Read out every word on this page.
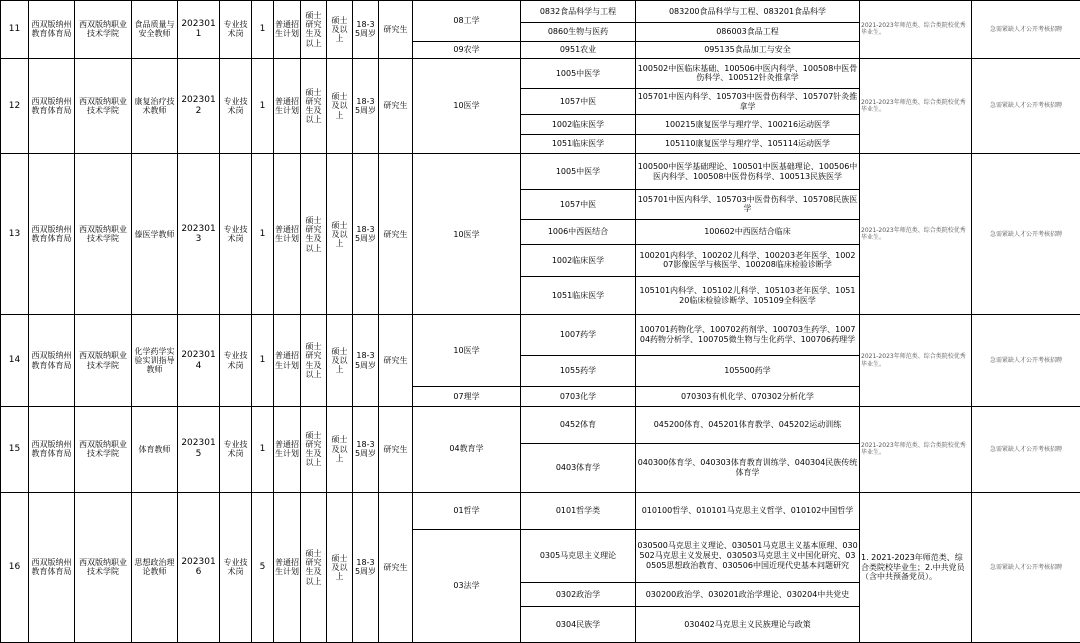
11	西双版纳州教育体育局	西双版纳职业技术学院	食品质量与安全教师	2023011	专业技术岗	1	普通招生计划	硕士研究生及以上	硕士及以上	18-35周岁	研究生	08工学	0832食品科学与工程	083200食品科学与工程、083201食品科学	2021-2023年师范类、综合类院校优秀毕业生。	急需紧缺人才公开考核招聘
													0860生物与医药	086003食品工程		
												09农学	0951农业	095135食品加工与安全		
12	西双版纳州教育体育局	西双版纳职业技术学院	康复治疗技术教师	2023012	专业技术岗	1	普通招生计划	硕士研究生及以上	硕士及以上	18-35周岁	研究生	10医学	1005中医学	100502中医临床基础、100506中医内科学、100508中医骨伤科学、100512针灸推拿学	2021-2023年师范类、综合类院校优秀毕业生。	急需紧缺人才公开考核招聘
													1057中医	105701中医内科学、105703中医骨伤科学、105707针灸推拿学		
													1002临床医学	100215康复医学与理疗学、100216运动医学		
													1051临床医学	105110康复医学与理疗学、105114运动医学		
13	西双版纳州教育体育局	西双版纳职业技术学院	傣医学教师	2023013	专业技术岗	1	普通招生计划	硕士研究生及以上	硕士及以上	18-35周岁	研究生	10医学	1005中医学	100500中医学基础理论、100501中医基础理论、100506中医内科学、100508中医骨伤科学、100513民族医学	2021-2023年师范类、综合类院校优秀毕业生。	急需紧缺人才公开考核招聘
													1057中医	105701中医内科学、105703中医骨伤科学、105708民族医学		
													1006中西医结合	100602中西医结合临床		
													1002临床医学	100201内科学、100202儿科学、100203老年医学、100207影像医学与核医学、100208临床检验诊断学		
													1051临床医学	105101内科学、105102儿科学、105103老年医学、105120临床检验诊断学、105109全科医学		
14	西双版纳州教育体育局	西双版纳职业技术学院	化学药学实验实训指导教师	2023014	专业技术岗	1	普通招生计划	硕士研究生及以上	硕士及以上	18-35周岁	研究生	10医学	1007药学	100701药物化学、100702药剂学、100703生药学、100704药物分析学、100705微生物与生化药学、100706药理学	2021-2023年师范类、综合类院校优秀毕业生。	急需紧缺人才公开考核招聘
													1055药学	105500药学		
												07理学	0703化学	070303有机化学、070302分析化学		
15	西双版纳州教育体育局	西双版纳职业技术学院	体育教师	2023015	专业技术岗	1	普通招生计划	硕士研究生及以上	硕士及以上	18-35周岁	研究生	04教育学	0452体育	045200体育、045201体育教学、045202运动训练	2021-2023年师范类、综合类院校优秀毕业生。	急需紧缺人才公开考核招聘
													0403体育学	040300体育学、040303体育教育训练学、040304民族传统体育学		
16	西双版纳州教育体育局	西双版纳职业技术学院	思想政治理论教师	2023016	专业技术岗	5	普通招生计划	硕士研究生及以上	硕士及以上	18-35周岁	研究生	01哲学	0101哲学类	010100哲学、010101马克思主义哲学、010102中国哲学	1. 2021-2023年师范类、综合类院校毕业生；2.中共党员（含中共预备党员）。	急需紧缺人才公开考核招聘
												03法学	0305马克思主义理论	030500马克思主义理论、030501马克思主义基本原理、030502马克思主义发展史、030503马克思主义中国化研究、030505思想政治教育、030506中国近现代史基本问题研究		
													0302政治学	030200政治学、030201政治学理论、030204中共党史		
													0304民族学	030402马克思主义民族理论与政策		
